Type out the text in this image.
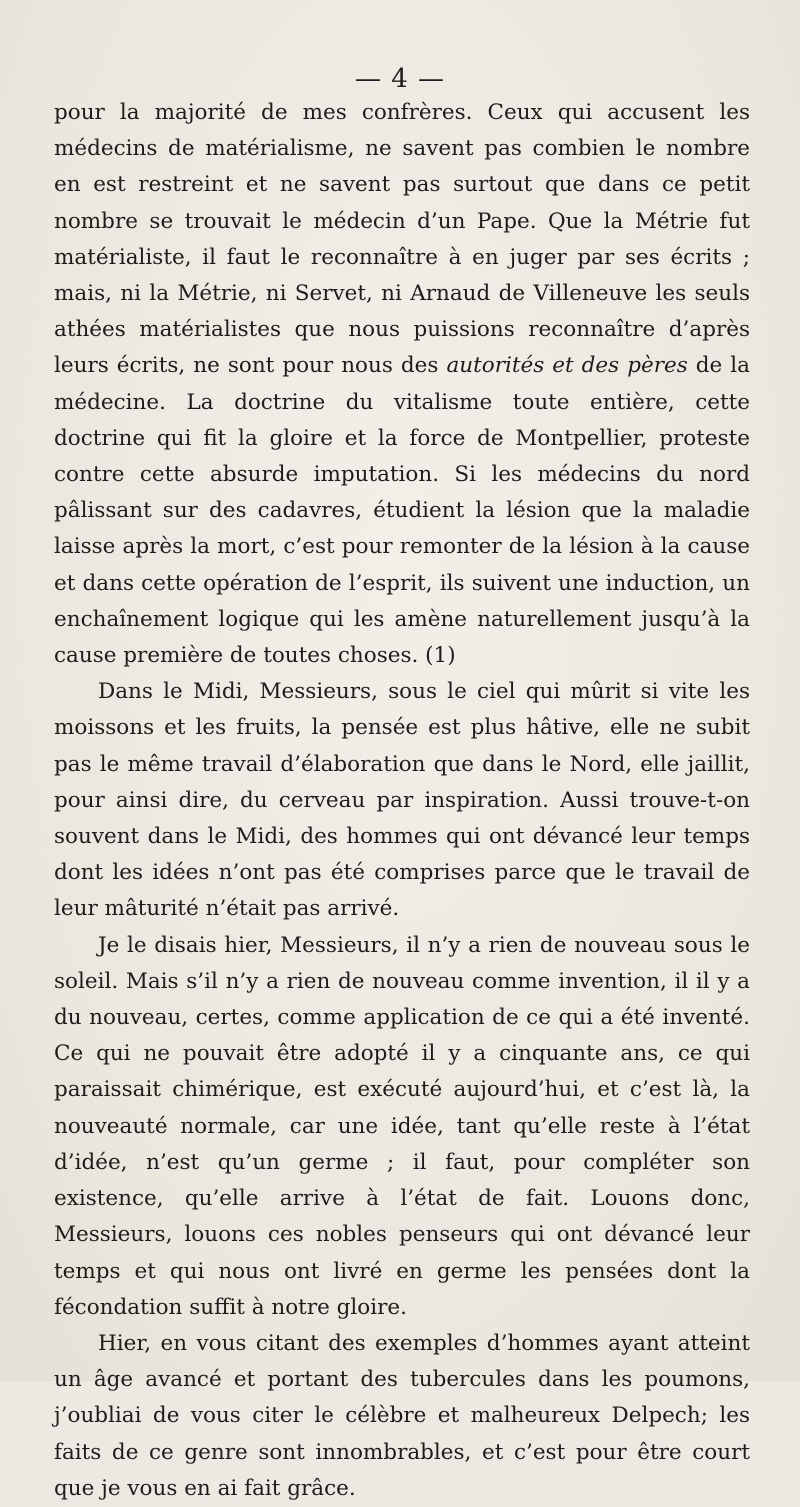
— 4 —

pour la majorité de mes confrères. Ceux qui accusent les médecins de matérialisme, ne savent pas combien le nombre en est restreint et ne savent pas surtout que dans ce petit nombre se trouvait le médecin d’un Pape. Que la Métrie fut matérialiste, il faut le reconnaître à en juger par ses écrits ; mais, ni la Métrie, ni Servet, ni Arnaud de Villeneuve les seuls athées matérialistes que nous puissions reconnaître d’après leurs écrits, ne sont pour nous des autorités et des pères de la médecine. La doctrine du vitalisme toute entière, cette doctrine qui fit la gloire et la force de Montpellier, proteste contre cette absurde imputation. Si les médecins du nord pâlissant sur des cadavres, étudient la lésion que la maladie laisse après la mort, c’est pour remonter de la lésion à la cause et dans cette opération de l’esprit, ils suivent une induction, un enchaînement logique qui les amène naturellement jusqu’à la cause première de toutes choses. (1)

Dans le Midi, Messieurs, sous le ciel qui mûrit si vite les moissons et les fruits, la pensée est plus hâtive, elle ne subit pas le même travail d’élaboration que dans le Nord, elle jaillit, pour ainsi dire, du cerveau par inspiration. Aussi trouve-t-on souvent dans le Midi, des hommes qui ont dévancé leur temps dont les idées n’ont pas été comprises parce que le travail de leur mâturité n’était pas arrivé.

Je le disais hier, Messieurs, il n’y a rien de nouveau sous le soleil. Mais s’il n’y a rien de nouveau comme invention, il il y a du nouveau, certes, comme application de ce qui a été inventé. Ce qui ne pouvait être adopté il y a cinquante ans, ce qui paraissait chimérique, est exécuté aujourd’hui, et c’est là, la nouveauté normale, car une idée, tant qu’elle reste à l’état d’idée, n’est qu’un germe ; il faut, pour compléter son existence, qu’elle arrive à l’état de fait. Louons donc, Messieurs, louons ces nobles penseurs qui ont dévancé leur temps et qui nous ont livré en germe les pensées dont la fécondation suffit à notre gloire.

Hier, en vous citant des exemples d’hommes ayant atteint un âge avancé et portant des tubercules dans les poumons, j’oubliai de vous citer le célèbre et malheureux Delpech; les faits de ce genre sont innombrables, et c’est pour être court que je vous en ai fait grâce.
